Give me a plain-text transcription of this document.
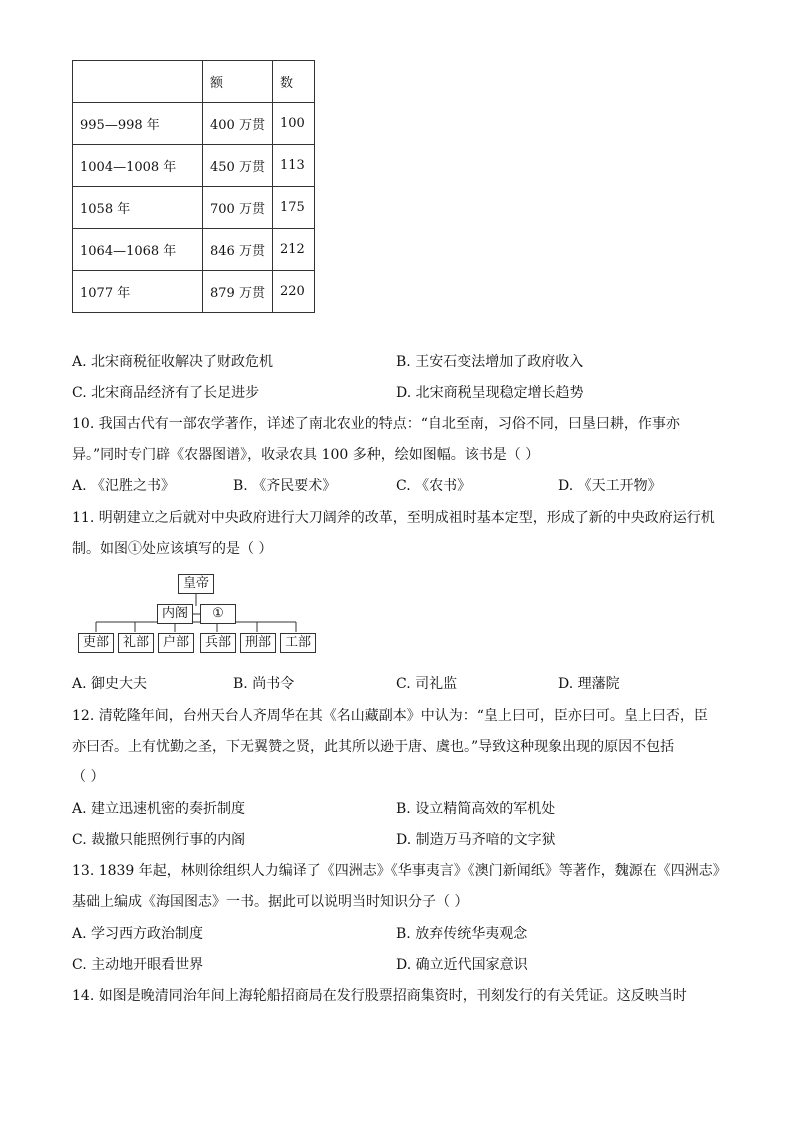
	额	数
995—998 年	400 万贯	100
1004—1008 年	450 万贯	113
1058 年	700 万贯	175
1064—1068 年	846 万贯	212
1077 年	879 万贯	220
A. 北宋商税征收解决了财政危机	B. 王安石变法增加了政府收入
C. 北宋商品经济有了长足进步	D. 北宋商税呈现稳定增长趋势
10. 我国古代有一部农学著作，详述了南北农业的特点：“自北至南，习俗不同，曰垦曰耕，作事亦
异。”同时专门辟《农器图谱》，收录农具 100 多种，绘如图幅。该书是（ ）
A. 《氾胜之书》	B. 《齐民要术》	C. 《农书》	D. 《天工开物》
11. 明朝建立之后就对中央政府进行大刀阔斧的改革，至明成祖时基本定型，形成了新的中央政府运行机
制。如图①处应该填写的是（ ）
皇帝
内阁	①
吏部	礼部	户部	兵部	刑部	工部
A. 御史大夫	B. 尚书令	C. 司礼监	D. 理藩院
12. 清乾隆年间，台州天台人齐周华在其《名山藏副本》中认为：“皇上曰可，臣亦曰可。皇上曰否，臣
亦曰否。上有忧勤之圣，下无翼赞之贤，此其所以逊于唐、虞也。”导致这种现象出现的原因不包括
（ ）
A. 建立迅速机密的奏折制度	B. 设立精简高效的军机处
C. 裁撤只能照例行事的内阁	D. 制造万马齐喑的文字狱
13. 1839 年起，林则徐组织人力编译了《四洲志》《华事夷言》《澳门新闻纸》等著作，魏源在《四洲志》
基础上编成《海国图志》一书。据此可以说明当时知识分子（ ）
A. 学习西方政治制度	B. 放弃传统华夷观念
C. 主动地开眼看世界	D. 确立近代国家意识
14. 如图是晚清同治年间上海轮船招商局在发行股票招商集资时，刊刻发行的有关凭证。这反映当时
